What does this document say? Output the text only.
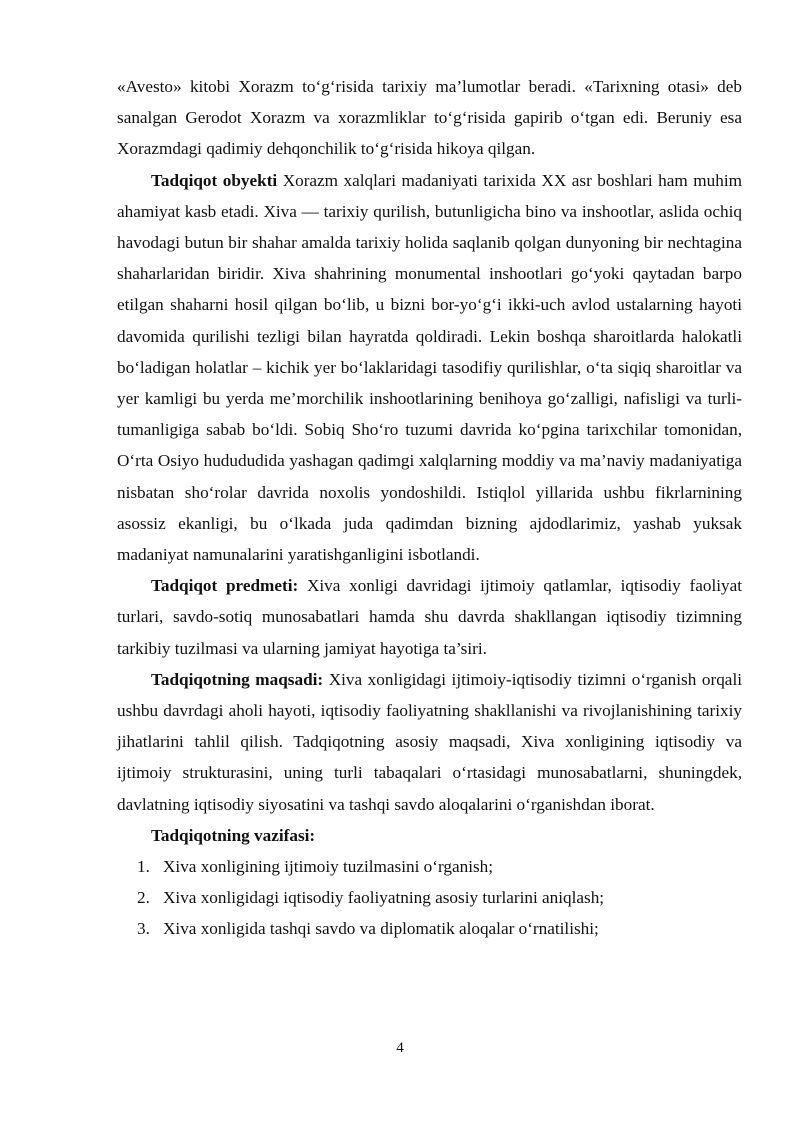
«Avesto» kitobi Xorazm to‘g‘risida tarixiy ma’lumotlar beradi. «Tarixning otasi» deb sanalgan Gerodot Xorazm va xorazmliklar to‘g‘risida gapirib o‘tgan edi. Beruniy esa Xorazmdagi qadimiy dehqonchilik to‘g‘risida hikoya qilgan.

Tadqiqot obyekti Xorazm xalqlari madaniyati tarixida XX asr boshlari ham muhim ahamiyat kasb etadi. Xiva — tarixiy qurilish, butunligicha bino va inshootlar, aslida ochiq havodagi butun bir shahar amalda tarixiy holida saqlanib qolgan dunyoning bir nechtagina shaharlaridan biridir. Xiva shahrining monumental inshootlari go‘yoki qaytadan barpo etilgan shaharni hosil qilgan bo‘lib, u bizni bor-yo‘g‘i ikki-uch avlod ustalarning hayoti davomida qurilishi tezligi bilan hayratda qoldiradi. Lekin boshqa sharoitlarda halokatli bo‘ladigan holatlar – kichik yer bo‘laklaridagi tasodifiy qurilishlar, o‘ta siqiq sharoitlar va yer kamligi bu yerda me’morchilik inshootlarining benihoya go‘zalligi, nafisligi va turli-tumanligiga sabab bo‘ldi. Sobiq Sho‘ro tuzumi davrida ko‘pgina tarixchilar tomonidan, O‘rta Osiyo hudududida yashagan qadimgi xalqlarning moddiy va ma’naviy madaniyatiga nisbatan sho‘rolar davrida noxolis yondoshildi. Istiqlol yillarida ushbu fikrlarnining asossiz ekanligi, bu o‘lkada juda qadimdan bizning ajdodlarimiz, yashab yuksak madaniyat namunalarini yaratishganligini isbotlandi.

Tadqiqot predmeti: Xiva xonligi davridagi ijtimoiy qatlamlar, iqtisodiy faoliyat turlari, savdo-sotiq munosabatlari hamda shu davrda shakllangan iqtisodiy tizimning tarkibiy tuzilmasi va ularning jamiyat hayotiga ta’siri.

Tadqiqotning maqsadi: Xiva xonligidagi ijtimoiy-iqtisodiy tizimni o‘rganish orqali ushbu davrdagi aholi hayoti, iqtisodiy faoliyatning shakllanishi va rivojlanishining tarixiy jihatlarini tahlil qilish. Tadqiqotning asosiy maqsadi, Xiva xonligining iqtisodiy va ijtimoiy strukturasini, uning turli tabaqalari o‘rtasidagi munosabatlarni, shuningdek, davlatning iqtisodiy siyosatini va tashqi savdo aloqalarini o‘rganishdan iborat.

Tadqiqotning vazifasi:

1. Xiva xonligining ijtimoiy tuzilmasini o‘rganish;
2. Xiva xonligidagi iqtisodiy faoliyatning asosiy turlarini aniqlash;
3. Xiva xonligida tashqi savdo va diplomatik aloqalar o‘rnatilishi;
4
